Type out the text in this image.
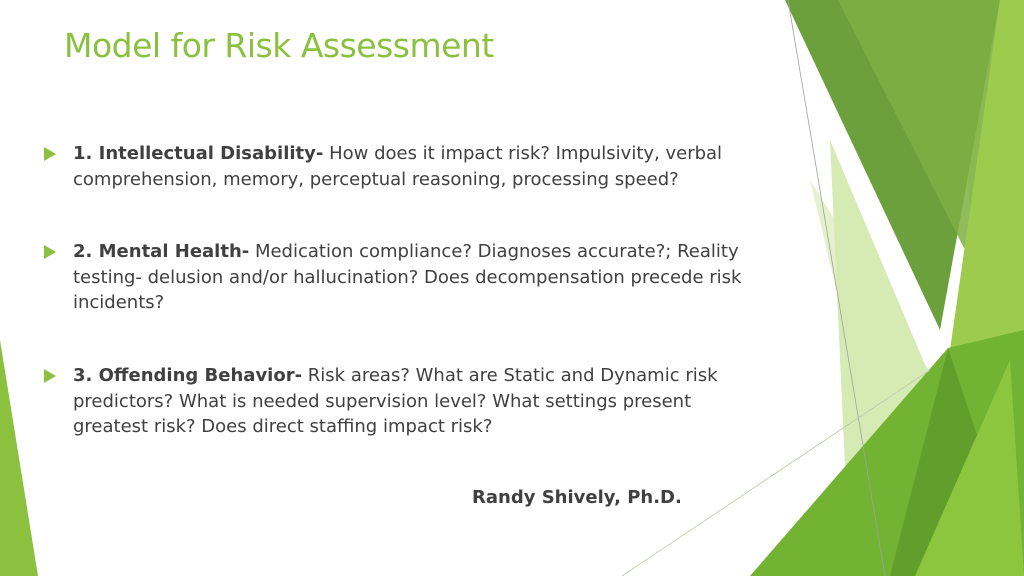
Model for Risk Assessment
1. Intellectual Disability- How does it impact risk? Impulsivity, verbal comprehension, memory, perceptual reasoning, processing speed?
2. Mental Health- Medication compliance? Diagnoses accurate?; Reality testing- delusion and/or hallucination? Does decompensation precede risk incidents?
3. Offending Behavior- Risk areas? What are Static and Dynamic risk predictors? What is needed supervision level? What settings present greatest risk? Does direct staffing impact risk?
Randy Shively, Ph.D.
